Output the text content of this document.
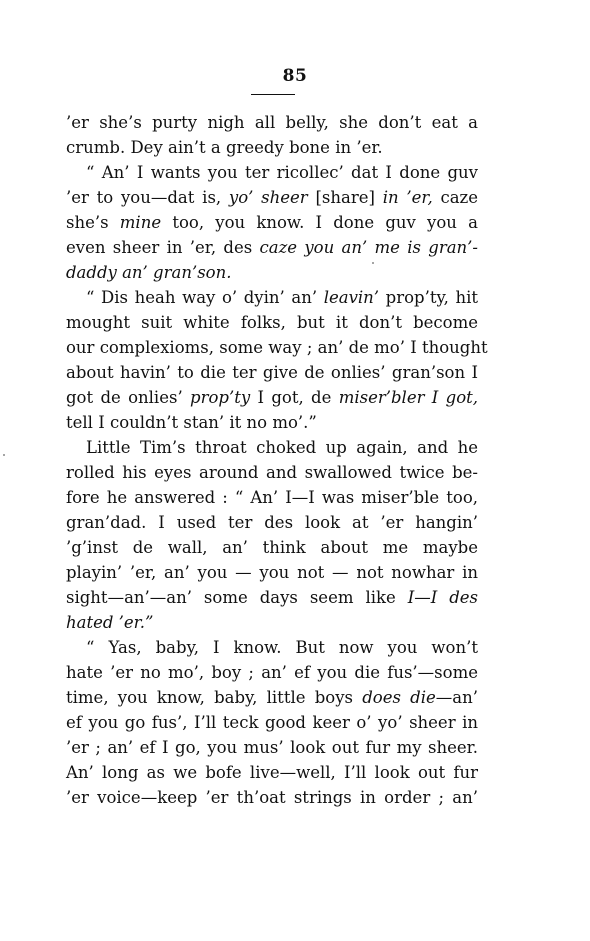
85
’er she’s purty nigh all belly, she don’t eat a
crumb. Dey ain’t a greedy bone in ’er.
“ An’ I wants you ter ricollec’ dat I done guv
’er to you—dat is, yo’ sheer [share] in ’er, caze
she’s mine too, you know. I done guv you a
even sheer in ’er, des caze you an’ me is gran’-
daddy an’ gran’son.
“ Dis heah way o’ dyin’ an’ leavin’ prop’ty, hit
mought suit white folks, but it don’t become
our complexioms, some way ; an’ de mo’ I thought
about havin’ to die ter give de onlies’ gran’son I
got de onlies’ prop’ty I got, de miser’bler I got,
tell I couldn’t stan’ it no mo’.”
Little Tim’s throat choked up again, and he
rolled his eyes around and swallowed twice be-
fore he answered : “ An’ I—I was miser’ble too,
gran’dad. I used ter des look at ’er hangin’
’g’inst de wall, an’ think about me maybe
playin’ ’er, an’ you — you not — not nowhar in
sight—an’—an’ some days seem like I—I des
hated ’er.”
“ Yas, baby, I know. But now you won’t
hate ’er no mo’, boy ; an’ ef you die fus’—some
time, you know, baby, little boys does die—an’
ef you go fus’, I’ll teck good keer o’ yo’ sheer in
’er ; an’ ef I go, you mus’ look out fur my sheer.
An’ long as we bofe live—well, I’ll look out fur
’er voice—keep ’er th’oat strings in order ; an’
